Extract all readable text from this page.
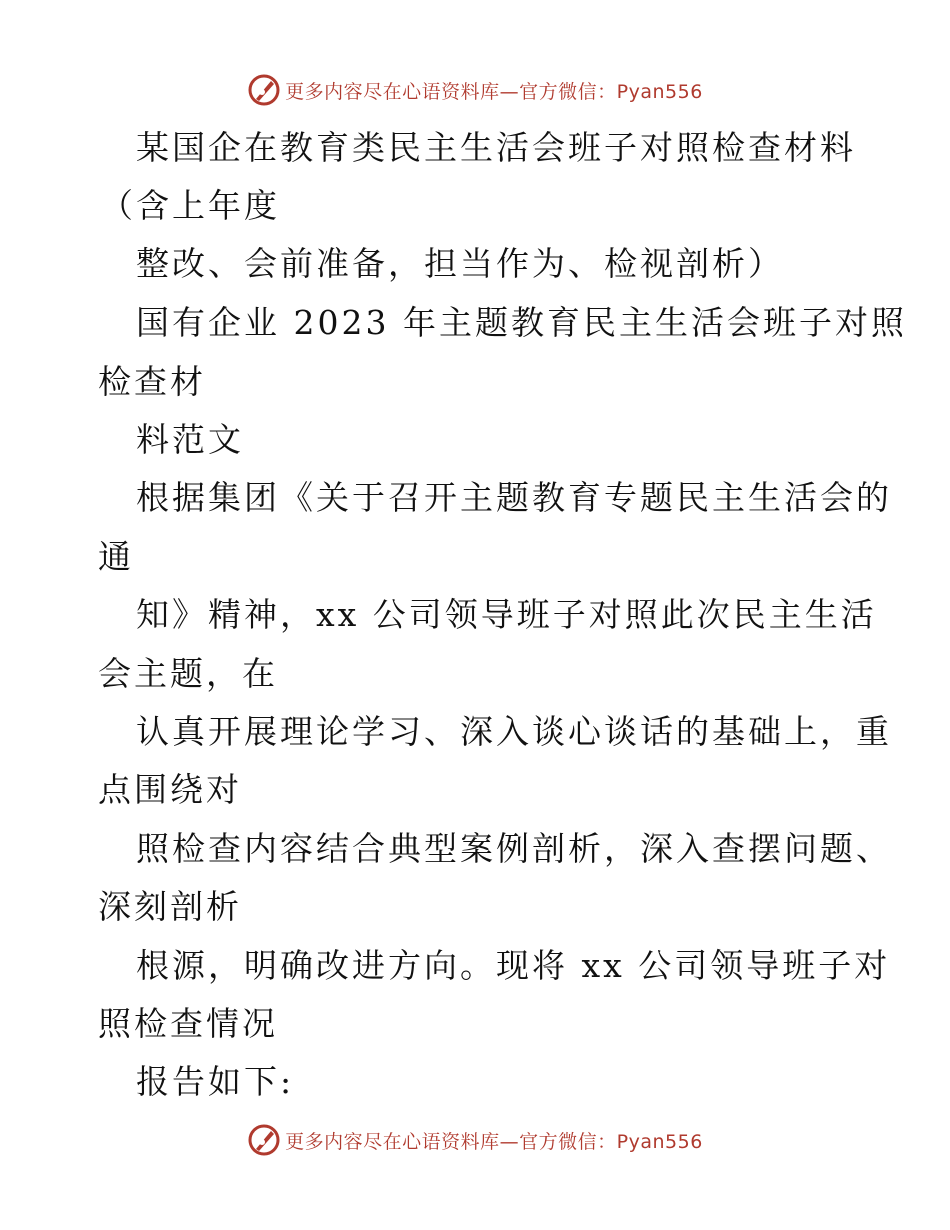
更多内容尽在心语资料库—官方微信：Pyan556
某国企在教育类民主生活会班子对照检查材料
（含上年度
整改、会前准备，担当作为、检视剖析）
国有企业 2023 年主题教育民主生活会班子对照
检查材
料范文
根据集团《关于召开主题教育专题民主生活会的
通
知》精神，xx 公司领导班子对照此次民主生活
会主题，在
认真开展理论学习、深入谈心谈话的基础上，重
点围绕对
照检查内容结合典型案例剖析，深入查摆问题、
深刻剖析
根源，明确改进方向。现将 xx 公司领导班子对
照检查情况
报告如下:
更多内容尽在心语资料库—官方微信：Pyan556
